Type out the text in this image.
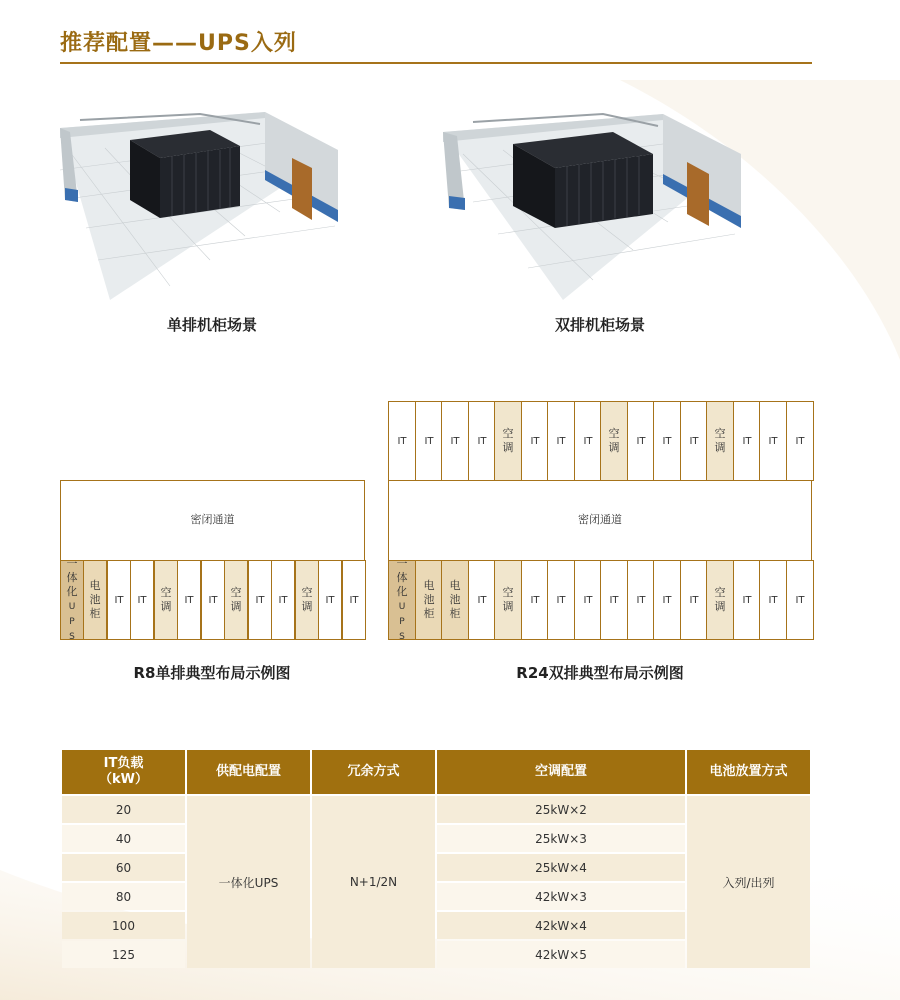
推荐配置——UPS入列
单排机柜场景	双排机柜场景
密闭通道
一体化UPS
电池柜
IT IT
空调 IT IT
空调 IT IT
空调 IT IT
R8单排典型布局示例图
IT IT IT IT
空调 IT IT IT
空调 IT IT IT
空调 IT IT IT
密闭通道
一体化UPS
电池柜
电池柜
IT
空调 IT IT IT IT IT IT IT
空调 IT IT IT
R24双排典型布局示例图
IT负载
（kW）	供配电配置	冗余方式	空调配置	电池放置方式
20	一体化UPS	N+1/2N	25kW×2	入列/出列
40			25kW×3	
60			25kW×4	
80			42kW×3	
100			42kW×4	
125			42kW×5	
